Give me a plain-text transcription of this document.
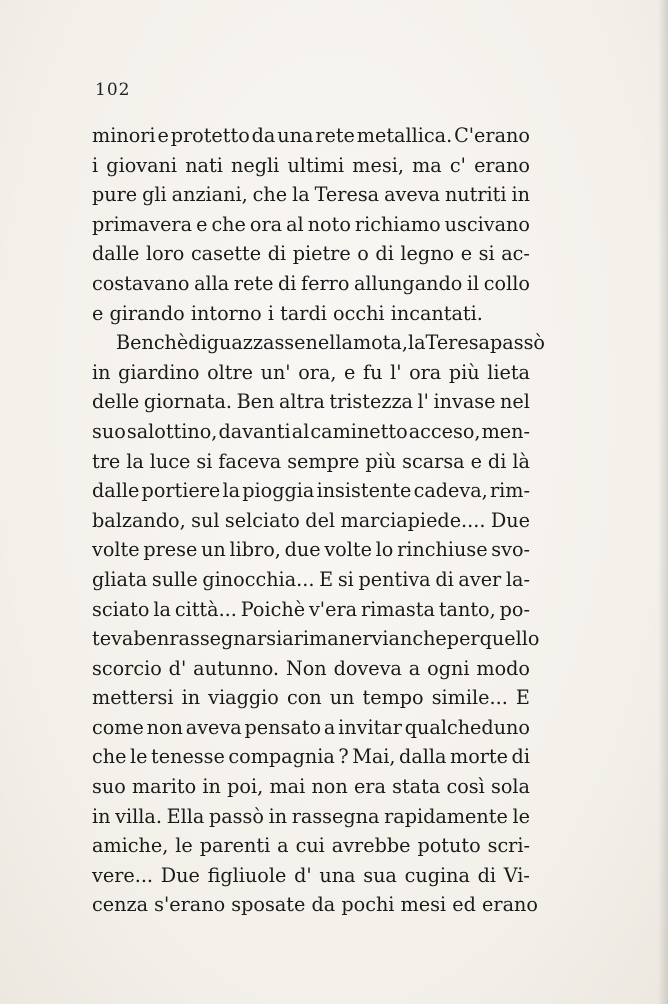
102
minori e protetto da una rete metallica. C'erano
i giovani nati negli ultimi mesi, ma c' erano
pure gli anziani, che la Teresa aveva nutriti in
primavera e che ora al noto richiamo uscivano
dalle loro casette di pietre o di legno e si ac-
costavano alla rete di ferro allungando il collo
e girando intorno i tardi occhi incantati.
Benchè diguazzasse nella mota, la Teresa passò
in giardino oltre un' ora, e fu l' ora più lieta
delle giornata. Ben altra tristezza l' invase nel
suo salottino, davanti al caminetto acceso, men-
tre la luce si faceva sempre più scarsa e di là
dalle portiere la pioggia insistente cadeva, rim-
balzando, sul selciato del marciapiede.... Due
volte prese un libro, due volte lo rinchiuse svo-
gliata sulle ginocchia... E si pentiva di aver la-
sciato la città... Poichè v'era rimasta tanto, po-
teva ben rassegnarsi a rimanervi anche per quello
scorcio d' autunno. Non doveva a ogni modo
mettersi in viaggio con un tempo simile... E
come non aveva pensato a invitar qualcheduno
che le tenesse compagnia ? Mai, dalla morte di
suo marito in poi, mai non era stata così sola
in villa. Ella passò in rassegna rapidamente le
amiche, le parenti a cui avrebbe potuto scri-
vere... Due figliuole d' una sua cugina di Vi-
cenza s'erano sposate da pochi mesi ed erano
